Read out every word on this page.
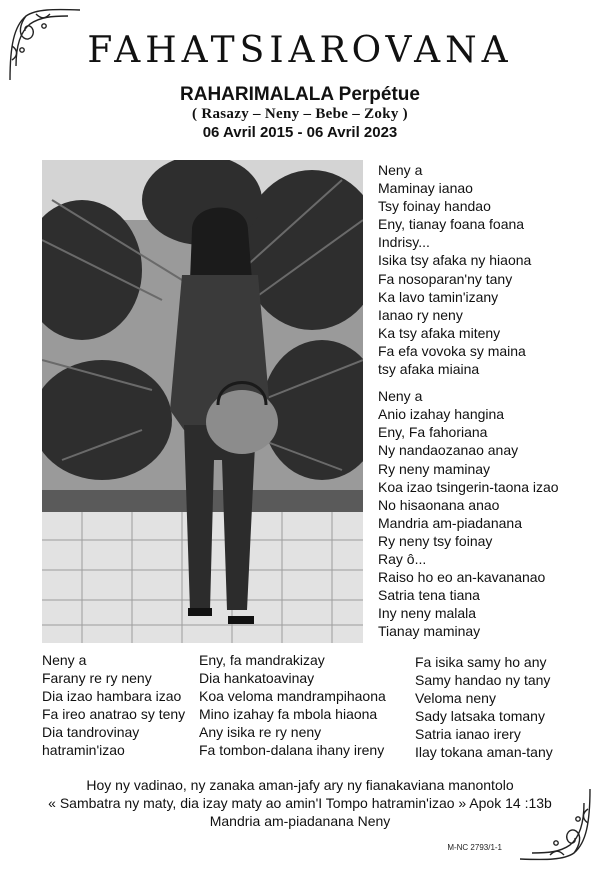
FAHATSIAROVANA
RAHARIMALALA Perpétue
( Rasazy – Neny – Bebe – Zoky )
06 Avril 2015 - 06 Avril 2023
Neny a
Maminay ianao
Tsy foinay handao
Eny, tianay foana foana
Indrisy...
Isika tsy afaka ny hiaona
Fa nosoparan'ny tany
Ka lavo tamin'izany
Ianao ry neny
Ka tsy afaka miteny
Fa efa vovoka sy maina
tsy afaka miaina
Neny a
Anio izahay hangina
Eny, Fa fahoriana
Ny nandaozanao anay
Ry neny maminay
Koa izao tsingerin-taona izao
No hisaonana anao
Mandria am-piadanana
Ry neny tsy foinay
Ray ô...
Raiso ho eo an-kavananao
Satria tena tiana
Iny neny malala
Tianay maminay
Neny a
Farany re ry neny
Dia izao hambara izao
Fa ireo anatrao sy teny
Dia tandrovinay
hatramin'izao
Eny, fa mandrakizay
Dia hankatoavinay
Koa veloma mandrampihaona
Mino izahay fa mbola hiaona
Any isika re ry neny
Fa tombon-dalana ihany ireny
Fa isika samy ho any
Samy handao ny tany
Veloma neny
Sady latsaka tomany
Satria ianao irery
Ilay tokana aman-tany
Hoy ny vadinao, ny zanaka aman-jafy ary ny fianakaviana manontolo
« Sambatra ny maty, dia izay maty ao amin'I Tompo hatramin'izao » Apok 14 :13b
Mandria am-piadanana Neny
M-NC 2793/1-1
